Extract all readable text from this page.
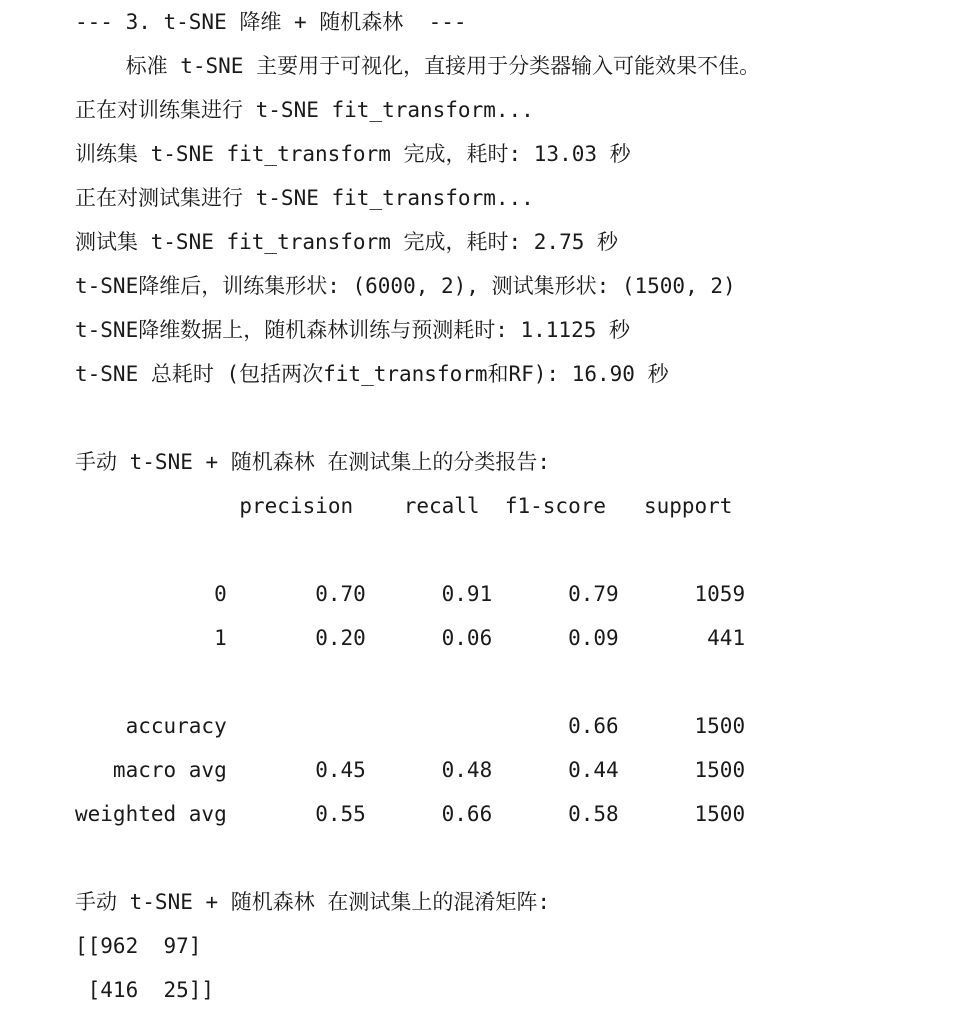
--- 3. t-SNE 降维 + 随机森林  ---
标准 t-SNE 主要用于可视化，直接用于分类器输入可能效果不佳。
正在对训练集进行 t-SNE fit_transform...
训练集 t-SNE fit_transform 完成，耗时: 13.03 秒
正在对测试集进行 t-SNE fit_transform...
测试集 t-SNE fit_transform 完成，耗时: 2.75 秒
t-SNE降维后，训练集形状: (6000, 2), 测试集形状: (1500, 2)
t-SNE降维数据上，随机森林训练与预测耗时: 1.1125 秒
t-SNE 总耗时 (包括两次fit_transform和RF): 16.90 秒
手动 t-SNE + 随机森林 在测试集上的分类报告:
precision    recall  f1-score   support
0       0.70      0.91      0.79      1059
1       0.20      0.06      0.09       441
accuracy                           0.66      1500
macro avg       0.45      0.48      0.44      1500
weighted avg       0.55      0.66      0.58      1500
手动 t-SNE + 随机森林 在测试集上的混淆矩阵:
[[962  97]
[416  25]]
